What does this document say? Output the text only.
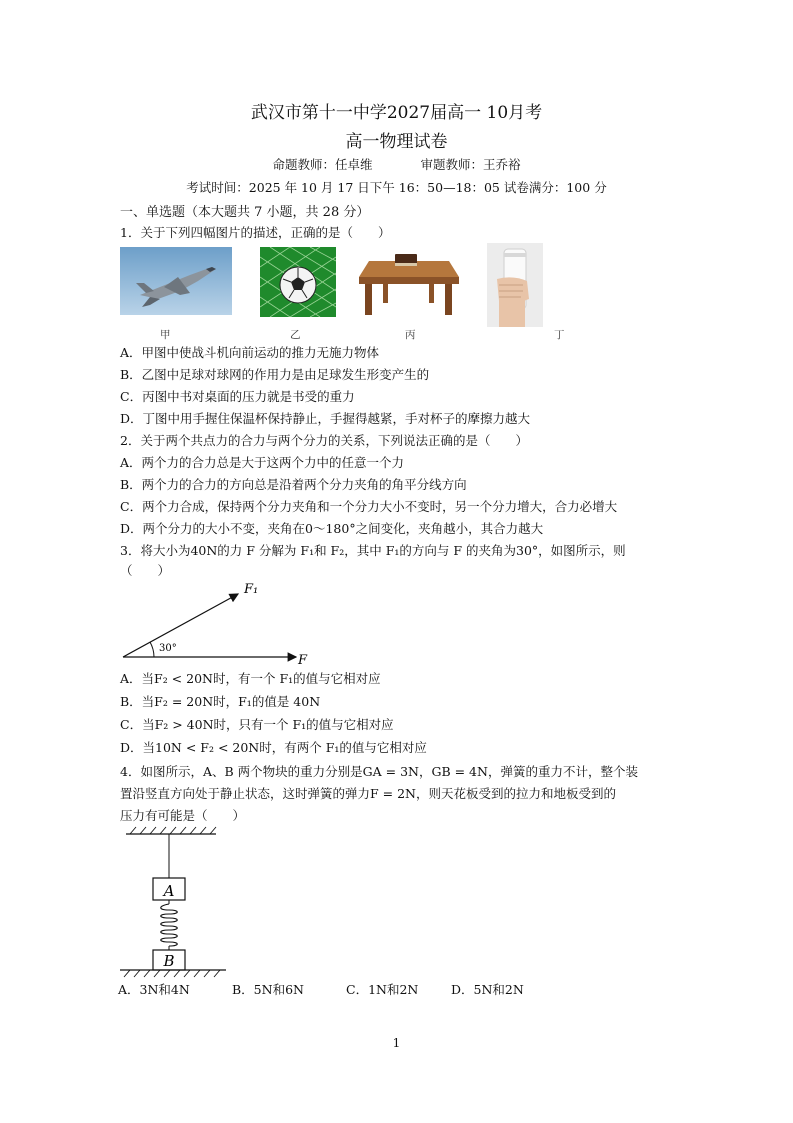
武汉市第十一中学2027届高一 10月考
高一物理试卷
命题教师：任卓维	审题教师：王乔裕
考试时间：2025 年 10 月 17 日下午 16：50—18：05 试卷满分：100 分
一、单选题（本大题共 7 小题，共 28 分）
1．关于下列四幅图片的描述，正确的是（　　）
甲	乙	丙	丁
A．甲图中使战斗机向前运动的推力无施力物体
B．乙图中足球对球网的作用力是由足球发生形变产生的
C．丙图中书对桌面的压力就是书受的重力
D．丁图中用手握住保温杯保持静止，手握得越紧，手对杯子的摩擦力越大
2．关于两个共点力的合力与两个分力的关系，下列说法正确的是（　　）
A．两个力的合力总是大于这两个力中的任意一个力
B．两个力的合力的方向总是沿着两个分力夹角的角平分线方向
C．两个力合成，保持两个分力夹角和一个分力大小不变时，另一个分力增大，合力必增大
D．两个分力的大小不变，夹角在0～180°之间变化，夹角越小，其合力越大
3．将大小为40N的力 F 分解为 F₁和 F₂，其中 F₁的方向与 F 的夹角为30°，如图所示，则
（　　）
F₁
F
30°
A．当F₂ < 20N时，有一个 F₁的值与它相对应
B．当F₂ = 20N时，F₁的值是 40N
C．当F₂ > 40N时，只有一个 F₁的值与它相对应
D．当10N < F₂ < 20N时，有两个 F₁的值与它相对应
4．如图所示，A、B 两个物块的重力分别是GA = 3N，GB = 4N，弹簧的重力不计，整个装
置沿竖直方向处于静止状态，这时弹簧的弹力F = 2N，则天花板受到的拉力和地板受到的
压力有可能是（　　）
A
B
A．3N和4N	B．5N和6N	C．1N和2N	D．5N和2N
1
